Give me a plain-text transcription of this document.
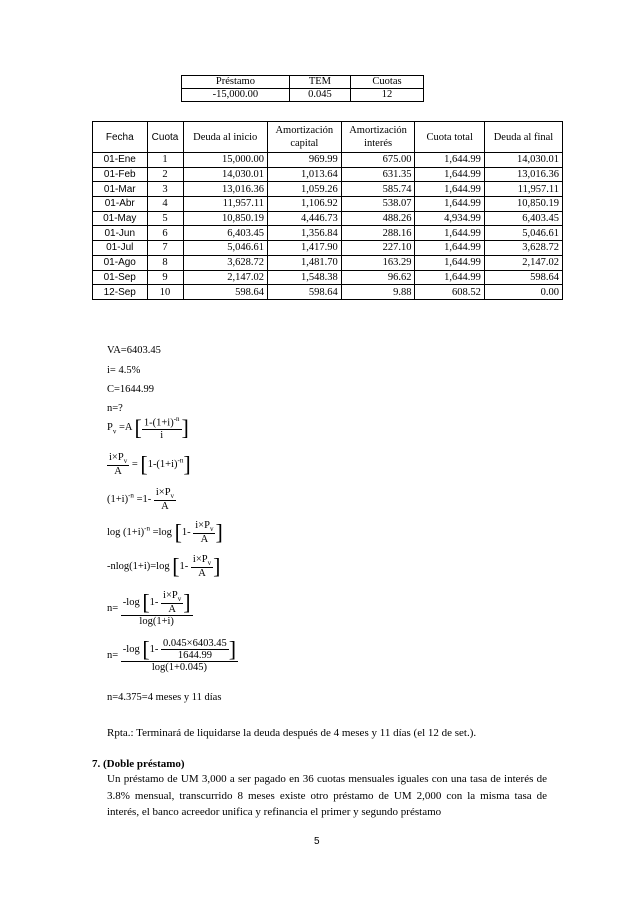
Préstamo	TEM	Cuotas
-15,000.00	0.045	12
Fecha	Cuota	Deuda al inicio	Amortización capital	Amortización interés	Cuota total	Deuda al final
01-Ene	1	15,000.00	969.99	675.00	1,644.99	14,030.01
01-Feb	2	14,030.01	1,013.64	631.35	1,644.99	13,016.36
01-Mar	3	13,016.36	1,059.26	585.74	1,644.99	11,957.11
01-Abr	4	11,957.11	1,106.92	538.07	1,644.99	10,850.19
01-May	5	10,850.19	4,446.73	488.26	4,934.99	6,403.45
01-Jun	6	6,403.45	1,356.84	288.16	1,644.99	5,046.61
01-Jul	7	5,046.61	1,417.90	227.10	1,644.99	3,628.72
01-Ago	8	3,628.72	1,481.70	163.29	1,644.99	2,147.02
01-Sep	9	2,147.02	1,548.38	96.62	1,644.99	598.64
12-Sep	10	598.64	598.64	9.88	608.52	0.00
VA=6403.45
i= 4.5%
C=1644.99
n=?
$P_v =A$ [ $\frac{1-(1+i)^{-n}}{i}$ ]
$\frac{i\times P_v}{A} = [1-(1+i)^{-n}]$
$(1+i)^{-n} =1- \frac{i\times P_v}{A}$
$\log (1+i)^{-n} =\log$ [$1- \frac{i\times P_v}{A}$ ]
-nlog(1+i)=log [$1- \frac{i\times P_v}{A}$ ]
$n= \frac{-\log [1- \frac{i\times P_v}{A} ]}{\log(1+i)}$
$n= \frac{-\log [1- \frac{0.045\times 6403.45}{1644.99} ]}{\log(1+0.045)}$
n=4.375=4 meses y 11 días
Rpta.: Terminará de liquidarse la deuda después de 4 meses y 11 días (el 12 de set.).
7. (Doble préstamo)
Un préstamo de UM 3,000 a ser pagado en 36 cuotas mensuales iguales con una tasa de interés de 3.8% mensual, transcurrido 8 meses existe otro préstamo de UM 2,000 con la misma tasa de interés, el banco acreedor unifica y refinancia el primer y segundo préstamo
5
